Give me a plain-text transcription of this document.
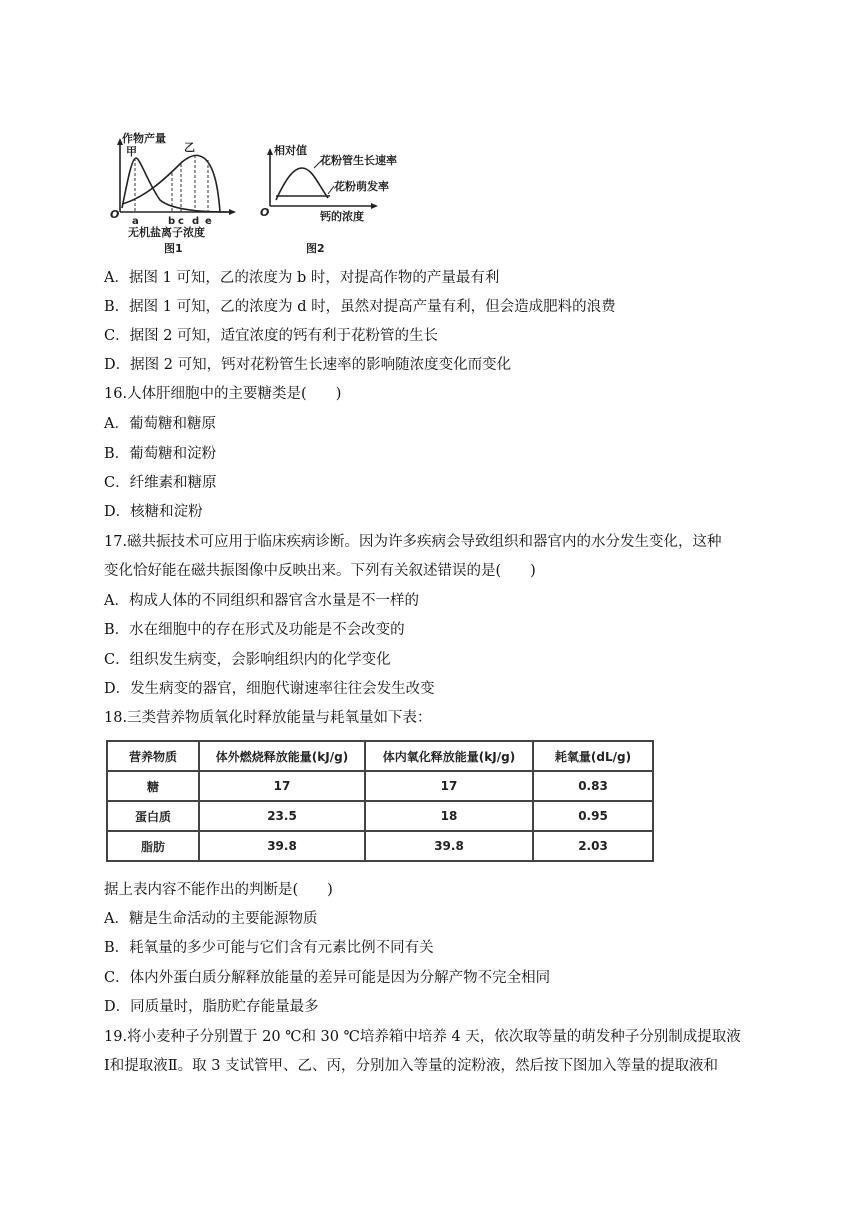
作物产量
O
甲	乙
a	b c d e
无机盐离子浓度
图1
相对值
O
花粉管生长速率
花粉萌发率
钙的浓度
图2
A．据图 1 可知，乙的浓度为 b 时，对提高作物的产量最有利
B．据图 1 可知，乙的浓度为 d 时，虽然对提高产量有利，但会造成肥料的浪费
C．据图 2 可知，适宜浓度的钙有利于花粉管的生长
D．据图 2 可知，钙对花粉管生长速率的影响随浓度变化而变化
16.人体肝细胞中的主要糖类是(　　)
A．葡萄糖和糖原
B．葡萄糖和淀粉
C．纤维素和糖原
D．核糖和淀粉
17.磁共振技术可应用于临床疾病诊断。因为许多疾病会导致组织和器官内的水分发生变化，这种
变化恰好能在磁共振图像中反映出来。下列有关叙述错误的是(　　)
A．构成人体的不同组织和器官含水量是不一样的
B．水在细胞中的存在形式及功能是不会改变的
C．组织发生病变，会影响组织内的化学变化
D．发生病变的器官，细胞代谢速率往往会发生改变
18.三类营养物质氧化时释放能量与耗氧量如下表：
营养物质	体外燃烧释放能量(kJ/g)	体内氧化释放能量(kJ/g)	耗氧量(dL/g)
糖	17	17	0.83
蛋白质	23.5	18	0.95
脂肪	39.8	39.8	2.03
据上表内容不能作出的判断是(　　)
A．糖是生命活动的主要能源物质
B．耗氧量的多少可能与它们含有元素比例不同有关
C．体内外蛋白质分解释放能量的差异可能是因为分解产物不完全相同
D．同质量时，脂肪贮存能量最多
19.将小麦种子分别置于 20 ℃和 30 ℃培养箱中培养 4 天，依次取等量的萌发种子分别制成提取液
Ⅰ和提取液Ⅱ。取 3 支试管甲、乙、丙，分别加入等量的淀粉液，然后按下图加入等量的提取液和
